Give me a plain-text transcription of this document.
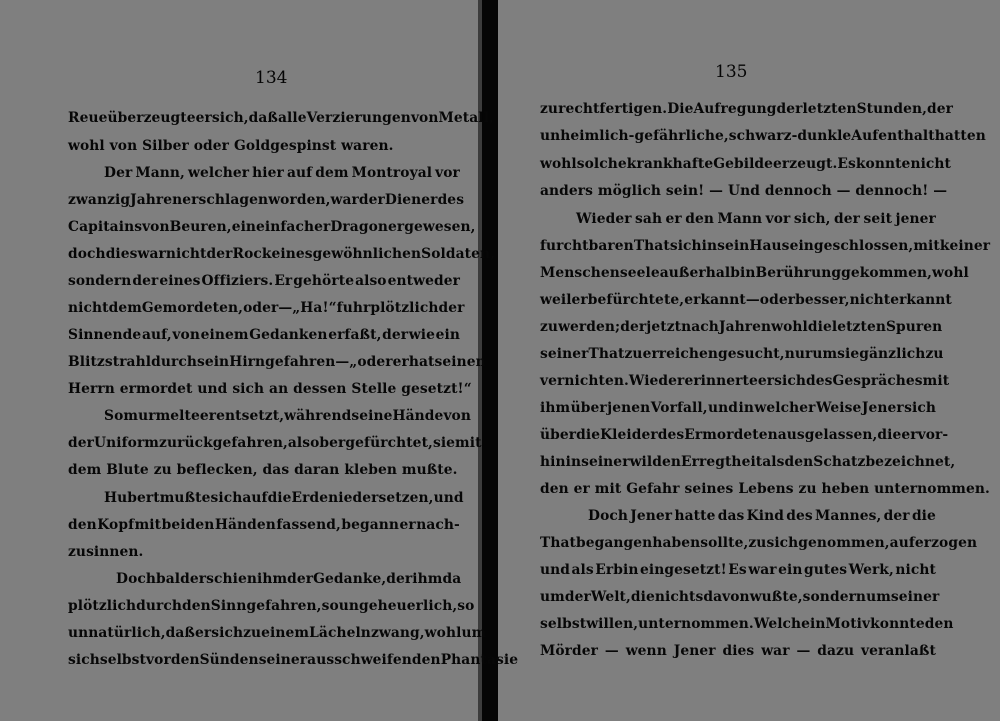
134	135
Reue überzeugte er sich, daß alle Verzierungen von Metall,
wohl von Silber oder Goldgespinst waren.
Der Mann, welcher hier auf dem Montroyal vor
zwanzig Jahren erschlagen worden, war der Diener des
Capitains von Beuren, ein einfacher Dragoner gewesen,
doch dies war nicht der Rock eines gewöhnlichen Soldaten,
sondern der eines Offiziers. Er gehörte also entweder
nicht dem Gemordeten, oder — „Ha!“ fuhr plötzlich der
Sinnende auf, von einem Gedanken erfaßt, der wie ein
Blitzstrahl durch sein Hirn gefahren — „oder er hat seinen
Herrn ermordet und sich an dessen Stelle gesetzt!“
So murmelte er entsetzt, während seine Hände von
der Uniform zurückgefahren, als ob er gefürchtet, sie mit
dem Blute zu beflecken, das daran kleben mußte.
Hubert mußte sich auf die Erde niedersetzen, und
den Kopf mit beiden Händen fassend, begann er nach-
zusinnen.
Doch bald erschien ihm der Gedanke, der ihm da
plötzlich durch den Sinn gefahren, so ungeheuerlich, so
unnatürlich, daß er sich zu einem Lächeln zwang, wohl um
sich selbst vor den Sünden seiner ausschweifenden Phantasie
zu rechtfertigen. Die Aufregung der letzten Stunden, der
unheimlich-gefährliche, schwarz-dunkle Aufenthalt hatten
wohl solche krankhafte Gebilde erzeugt. Es konnte nicht
anders möglich sein! — Und dennoch — dennoch! —
Wieder sah er den Mann vor sich, der seit jener
furchtbaren That sich in sein Haus eingeschlossen, mit keiner
Menschenseele außerhalb in Berührung gekommen, wohl
weil er befürchtete, erkannt — oder besser, nicht erkannt
zu werden; der jetzt nach Jahren wohl die letzten Spuren
seiner That zu erreichen gesucht, nur um sie gänzlich zu
vernichten. Wieder erinnerte er sich des Gespräches mit
ihm über jenen Vorfall, und in welcher Weise Jener sich
über die Kleider des Ermordeten ausgelassen, die er vor-
hin in seiner wilden Erregtheit als den Schatz bezeichnet,
den er mit Gefahr seines Lebens zu heben unternommen.
Doch Jener hatte das Kind des Mannes, der die
That begangen haben sollte, zu sich genommen, auferzogen
und als Erbin eingesetzt! Es war ein gutes Werk, nicht
um der Welt, die nichts davon wußte, sondern um seiner
selbst willen, unternommen. Welch ein Motiv konnte den
Mörder — wenn Jener dies war — dazu veranlaßt
